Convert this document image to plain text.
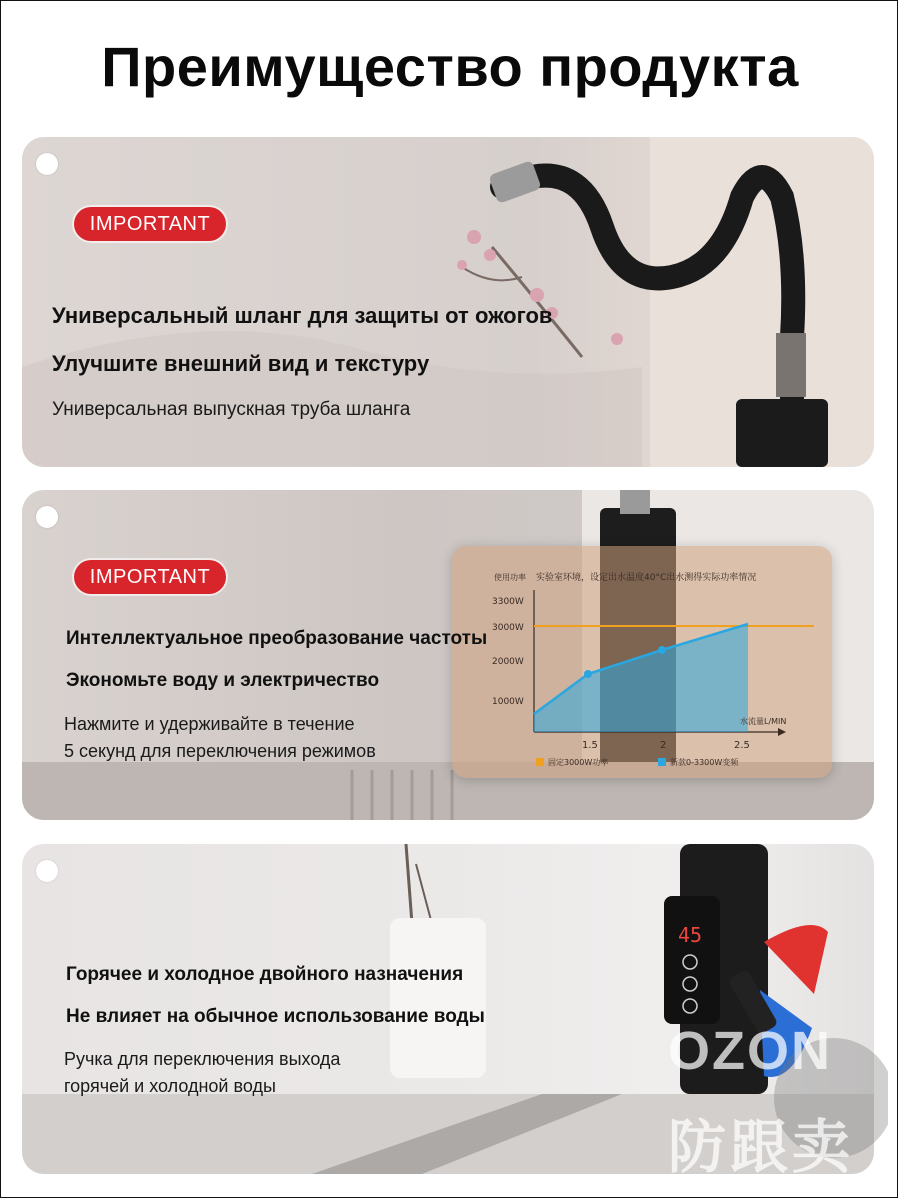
Преимущество продукта
IMPORTANT
Универсальный шланг для защиты от ожогов
Улучшите внешний вид и текстуру
Универсальная выпускная труба шланга
实验室环境，设定出水温度40°C出水测得实际功率情况
使用功率
3300W
3000W
2000W
1000W
1.5	2	2.5
水流量L/MIN
固定3000W功率	新款0-3300W变频
IMPORTANT
Интеллектуальное преобразование частоты
Экономьте воду и электричество
Нажмите и удерживайте в течение
5 секунд для переключения режимов
45
Горячее и холодное двойного назначения
Не влияет на обычное использование воды
Ручка для переключения выхода
горячей и холодной воды
OZON
防跟卖
